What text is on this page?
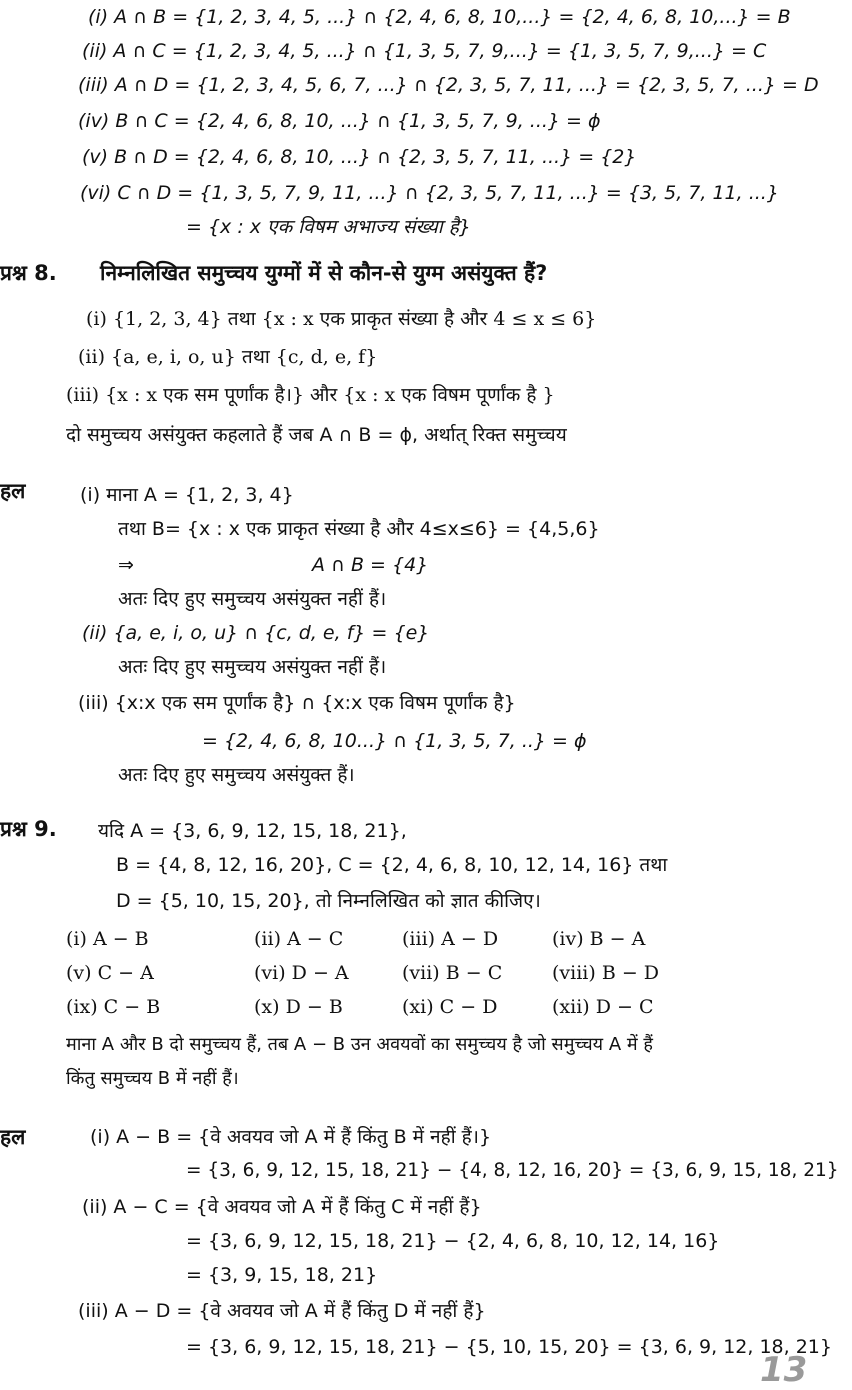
(i) A ∩ B = {1, 2, 3, 4, 5, ...} ∩ {2, 4, 6, 8, 10,...} = {2, 4, 6, 8, 10,...} = B
(ii) A ∩ C = {1, 2, 3, 4, 5, ...} ∩ {1, 3, 5, 7, 9,...} = {1, 3, 5, 7, 9,...} = C
(iii) A ∩ D = {1, 2, 3, 4, 5, 6, 7, ...} ∩ {2, 3, 5, 7, 11, ...} = {2, 3, 5, 7, ...} = D
(iv) B ∩ C = {2, 4, 6, 8, 10, ...} ∩ {1, 3, 5, 7, 9, ...} = ϕ
(v) B ∩ D = {2, 4, 6, 8, 10, ...} ∩ {2, 3, 5, 7, 11, ...} = {2}
(vi) C ∩ D = {1, 3, 5, 7, 9, 11, ...} ∩ {2, 3, 5, 7, 11, ...} = {3, 5, 7, 11, ...}
= {x : x एक विषम अभाज्य संख्या है}
प्रश्न 8. निम्नलिखित समुच्चय युग्मों में से कौन-से युग्म असंयुक्त हैं?
(i) {1, 2, 3, 4} तथा {x : x एक प्राकृत संख्या है और 4 ≤ x ≤ 6}
(ii) {a, e, i, o, u} तथा {c, d, e, f}
(iii) {x : x एक सम पूर्णांक है।} और {x : x एक विषम पूर्णांक है }
दो समुच्चय असंयुक्त कहलाते हैं जब A ∩ B = ϕ, अर्थात् रिक्त समुच्चय
हल	(i) माना A = {1, 2, 3, 4}
तथा B= {x : x एक प्राकृत संख्या है और 4≤x≤6} = {4,5,6}
⇒	A ∩ B = {4}
अतः दिए हुए समुच्चय असंयुक्त नहीं हैं।
(ii) {a, e, i, o, u} ∩ {c, d, e, f} = {e}
अतः दिए हुए समुच्चय असंयुक्त नहीं हैं।
(iii) {x:x एक सम पूर्णांक है} ∩ {x:x एक विषम पूर्णांक है}
= {2, 4, 6, 8, 10...} ∩ {1, 3, 5, 7, ..} = ϕ
अतः दिए हुए समुच्चय असंयुक्त हैं।
प्रश्न 9. यदि A = {3, 6, 9, 12, 15, 18, 21},
B = {4, 8, 12, 16, 20}, C = {2, 4, 6, 8, 10, 12, 14, 16} तथा
D = {5, 10, 15, 20}, तो निम्नलिखित को ज्ञात कीजिए।
(i) A − B	(ii) A − C	(iii) A − D	(iv) B − A
(v) C − A	(vi) D − A	(vii) B − C	(viii) B − D
(ix) C − B	(x) D − B	(xi) C − D	(xii) D − C
माना A और B दो समुच्चय हैं, तब A − B उन अवयवों का समुच्चय है जो समुच्चय A में हैं
किंतु समुच्चय B में नहीं हैं।
हल	(i) A − B = {वे अवयव जो A में हैं किंतु B में नहीं हैं।}
= {3, 6, 9, 12, 15, 18, 21} − {4, 8, 12, 16, 20} = {3, 6, 9, 15, 18, 21}
(ii) A − C = {वे अवयव जो A में हैं किंतु C में नहीं हैं}
= {3, 6, 9, 12, 15, 18, 21} − {2, 4, 6, 8, 10, 12, 14, 16}
= {3, 9, 15, 18, 21}
(iii) A − D = {वे अवयव जो A में हैं किंतु D में नहीं हैं}
= {3, 6, 9, 12, 15, 18, 21} − {5, 10, 15, 20} = {3, 6, 9, 12, 18, 21}
13
